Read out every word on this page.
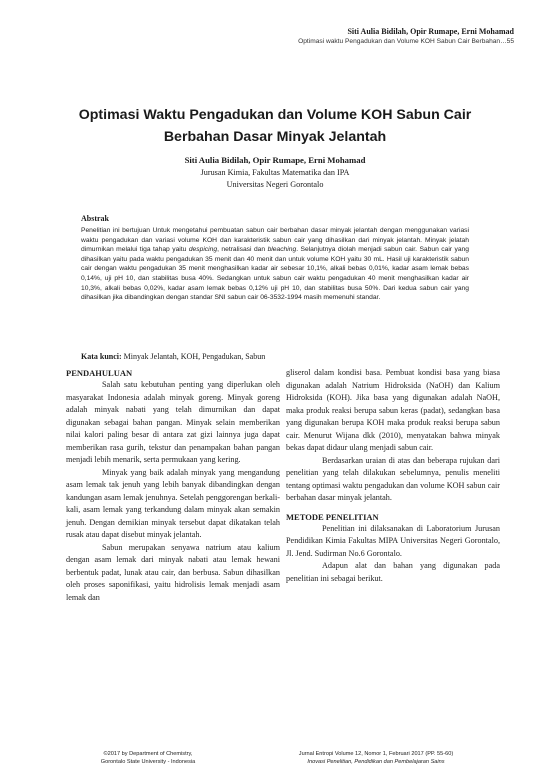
Siti Aulia Bidilah, Opir Rumape, Erni Mohamad
Optimasi waktu Pengadukan dan Volume KOH Sabun Cair Berbahan…55
Optimasi Waktu Pengadukan dan Volume KOH Sabun Cair Berbahan Dasar Minyak Jelantah
Siti Aulia Bidilah, Opir Rumape, Erni Mohamad
Jurusan Kimia, Fakultas Matematika dan IPA
Universitas Negeri Gorontalo
Abstrak
Penelitian ini bertujuan Untuk mengetahui pembuatan sabun cair berbahan dasar minyak jelantah dengan menggunakan variasi waktu pengadukan dan variasi volume KOH dan karakteristik sabun cair yang dihasilkan dari minyak jelantah. Minyak jelatah dimurnikan melalui tiga tahap yaitu despicing, netralisasi dan bleaching. Selanjutnya diolah menjadi sabun cair. Sabun cair yang dihasilkan yaitu pada waktu pengadukan 35 menit dan 40 menit dan untuk volume KOH yaitu 30 mL. Hasil uji karakteristik sabun cair dengan waktu pengadukan 35 menit menghasilkan kadar air sebesar 10,1%, alkali bebas 0,01%, kadar asam lemak bebas 0,14%, uji pH 10, dan stabilitas busa 40%. Sedangkan untuk sabun cair waktu pengadukan 40 menit menghasilkan kadar air 10,3%, alkali bebas 0,02%, kadar asam lemak bebas 0,12% uji pH 10, dan stabilitas busa 50%. Dari kedua sabun cair yang dihasilkan jika dibandingkan dengan standar SNI sabun cair 06-3532-1994 masih memenuhi standar.
Kata kunci: Minyak Jelantah, KOH, Pengadukan, Sabun
PENDAHULUAN

Salah satu kebutuhan penting yang diperlukan oleh masyarakat Indonesia adalah minyak goreng. Minyak goreng adalah minyak nabati yang telah dimurnikan dan dapat digunakan sebagai bahan pangan. Minyak selain memberikan nilai kalori paling besar di antara zat gizi lainnya juga dapat memberikan rasa gurih, tekstur dan penampakan bahan pangan menjadi lebih menarik, serta permukaan yang kering.

Minyak yang baik adalah minyak yang mengandung asam lemak tak jenuh yang lebih banyak dibandingkan dengan kandungan asam lemak jenuhnya. Setelah penggorengan berkali-kali, asam lemak yang terkandung dalam minyak akan semakin jenuh. Dengan demikian minyak tersebut dapat dikatakan telah rusak atau dapat disebut minyak jelantah.

Sabun merupakan senyawa natrium atau kalium dengan asam lemak dari minyak nabati atau lemak hewani berbentuk padat, lunak atau cair, dan berbusa. Sabun dihasilkan oleh proses saponifikasi, yaitu hidrolisis lemak menjadi asam lemak dan

gliserol dalam kondisi basa. Pembuat kondisi basa yang biasa digunakan adalah Natrium Hidroksida (NaOH) dan Kalium Hidroksida (KOH). Jika basa yang digunakan adalah NaOH, maka produk reaksi berupa sabun keras (padat), sedangkan basa yang digunakan berupa KOH maka produk reaksi berupa sabun cair. Menurut Wijana dkk (2010), menyatakan bahwa minyak bekas dapat didaur ulang menjadi sabun cair.

Berdasarkan uraian di atas dan beberapa rujukan dari penelitian yang telah dilakukan sebelumnya, penulis meneliti tentang optimasi waktu pengadukan dan volume KOH sabun cair berbahan dasar minyak jelantah.

METODE PENELITIAN

Penelitian ini dilaksanakan di Laboratorium Jurusan Pendidikan Kimia Fakultas MIPA Universitas Negeri Gorontalo, Jl. Jend. Sudirman No.6 Gorontalo.

Adapun alat dan bahan yang digunakan pada penelitian ini sebagai berikut.

©2017 by Department of Chemistry,
Gorontalo State University - Indonesia
Jurnal Entropi Volume 12, Nomor 1, Februari 2017 (PP. 55-60)
Inovasi Penelitian, Pendidikan dan Pembelajaran Sains
